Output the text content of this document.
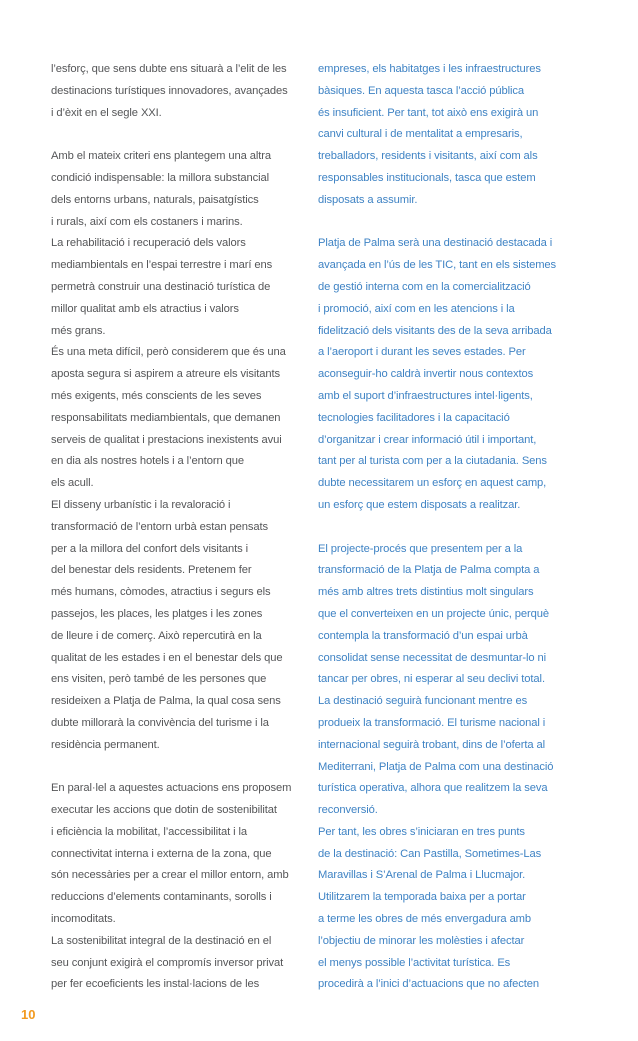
l’esforç, que sens dubte ens situarà a l’elit de les
destinacions turístiques innovadores, avançades
i d’èxit en el segle XXI.
Amb el mateix criteri ens plantegem una altra
condició indispensable: la millora substancial
dels entorns urbans, naturals, paisatgístics
i rurals, així com els costaners i marins.
La rehabilitació i recuperació dels valors
mediambientals en l’espai terrestre i marí ens
permetrà construir una destinació turística de
millor qualitat amb els atractius i valors
més grans.
És una meta difícil, però considerem que és una
aposta segura si aspirem a atreure els visitants
més exigents, més conscients de les seves
responsabilitats mediambientals, que demanen
serveis de qualitat i prestacions inexistents avui
en dia als nostres hotels i a l’entorn que
els acull.
El disseny urbanístic i la revaloració i
transformació de l’entorn urbà estan pensats
per a la millora del confort dels visitants i
del benestar dels residents. Pretenem fer
més humans, còmodes, atractius i segurs els
passejos, les places, les platges i les zones
de lleure i de comerç. Això repercutirà en la
qualitat de les estades i en el benestar dels que
ens visiten, però també de les persones que
resideixen a Platja de Palma, la qual cosa sens
dubte millorarà la convivència del turisme i la
residència permanent.
En paral·lel a aquestes actuacions ens proposem
executar les accions que dotin de sostenibilitat
i eficiència la mobilitat, l’accessibilitat i la
connectivitat interna i externa de la zona, que
són necessàries per a crear el millor entorn, amb
reduccions d’elements contaminants, sorolls i
incomoditats.
La sostenibilitat integral de la destinació en el
seu conjunt exigirà el compromís inversor privat
per fer ecoeficients les instal·lacions de les
empreses, els habitatges i les infraestructures
bàsiques. En aquesta tasca l’acció pública
és insuficient. Per tant, tot això ens exigirà un
canvi cultural i de mentalitat a empresaris,
treballadors, residents i visitants, així com als
responsables institucionals, tasca que estem
disposats a assumir.
Platja de Palma serà una destinació destacada i
avançada en l’ús de les TIC, tant en els sistemes
de gestió interna com en la comercialització
i promoció, així com en les atencions i la
fidelització dels visitants des de la seva arribada
a l’aeroport i durant les seves estades. Per
aconseguir-ho caldrà invertir nous contextos
amb el suport d’infraestructures intel·ligents,
tecnologies facilitadores i la capacitació
d’organitzar i crear informació útil i important,
tant per al turista com per a la ciutadania. Sens
dubte necessitarem un esforç en aquest camp,
un esforç que estem disposats a realitzar.
El projecte-procés que presentem per a la
transformació de la Platja de Palma compta a
més amb altres trets distintius molt singulars
que el converteixen en un projecte únic, perquè
contempla la transformació d’un espai urbà
consolidat sense necessitat de desmuntar-lo ni
tancar per obres, ni esperar al seu declivi total.
La destinació seguirà funcionant mentre es
produeix la transformació. El turisme nacional i
internacional seguirà trobant, dins de l’oferta al
Mediterrani, Platja de Palma com una destinació
turística operativa, alhora que realitzem la seva
reconversió.
Per tant, les obres s’iniciaran en tres punts
de la destinació: Can Pastilla, Sometimes-Las
Maravillas i S’Arenal de Palma i Llucmajor.
Utilitzarem la temporada baixa per a portar
a terme les obres de més envergadura amb
l’objectiu de minorar les molèsties i afectar
el menys possible l’activitat turística. Es
procedirà a l’inici d’actuacions que no afecten
10
